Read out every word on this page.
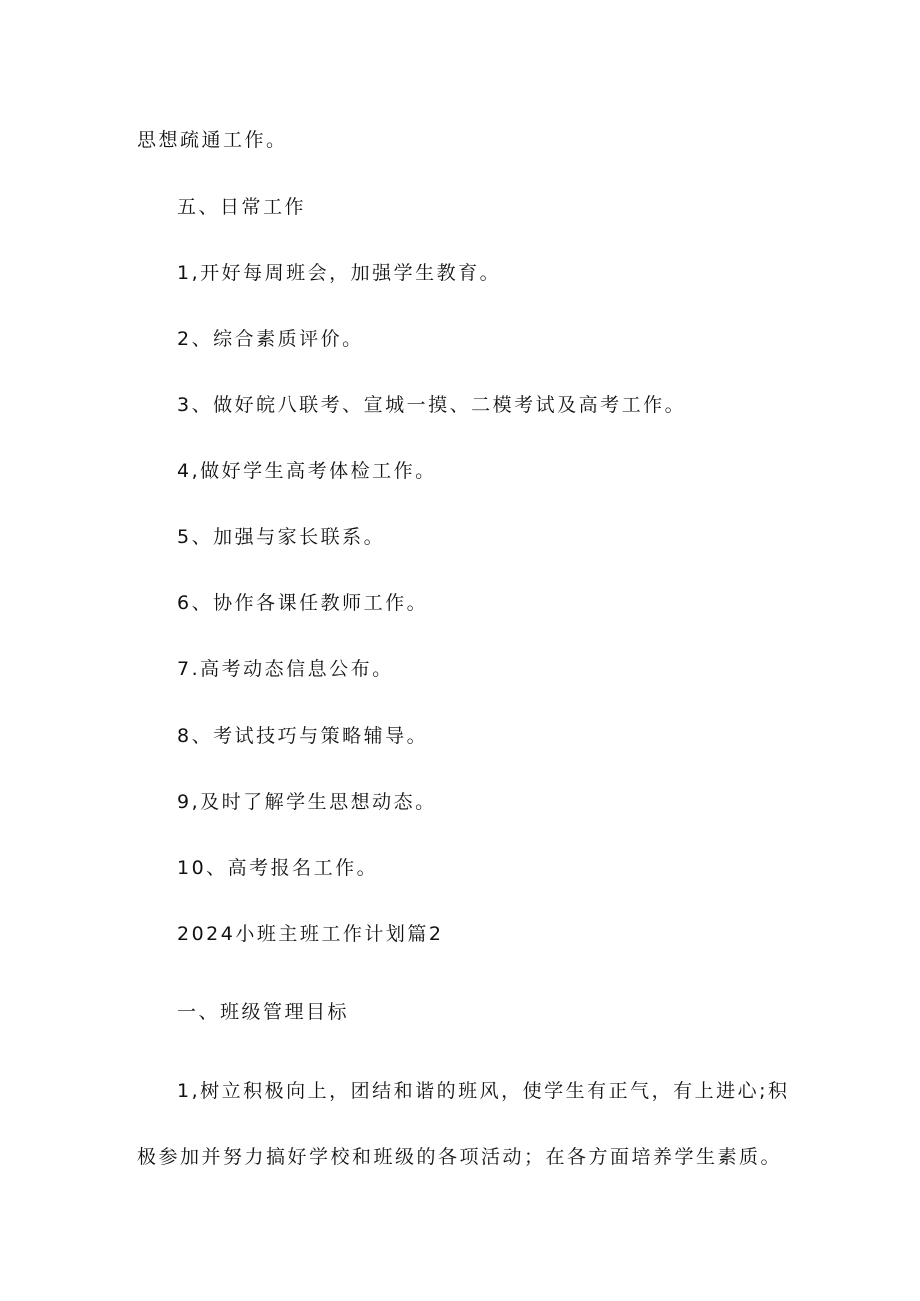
思想疏通工作。
五、日常工作
1,开好每周班会，加强学生教育。
2、综合素质评价。
3、做好皖八联考、宣城一摸、二模考试及高考工作。
4,做好学生高考体检工作。
5、加强与家长联系。
6、协作各课任教师工作。
7.高考动态信息公布。
8、考试技巧与策略辅导。
9,及时了解学生思想动态。
10、高考报名工作。
2024小班主班工作计划篇2
一、班级管理目标

1,树立积极向上，团结和谐的班风，使学生有正气，有上进心;积极参加并努力搞好学校和班级的各项活动；在各方面培养学生素质。
